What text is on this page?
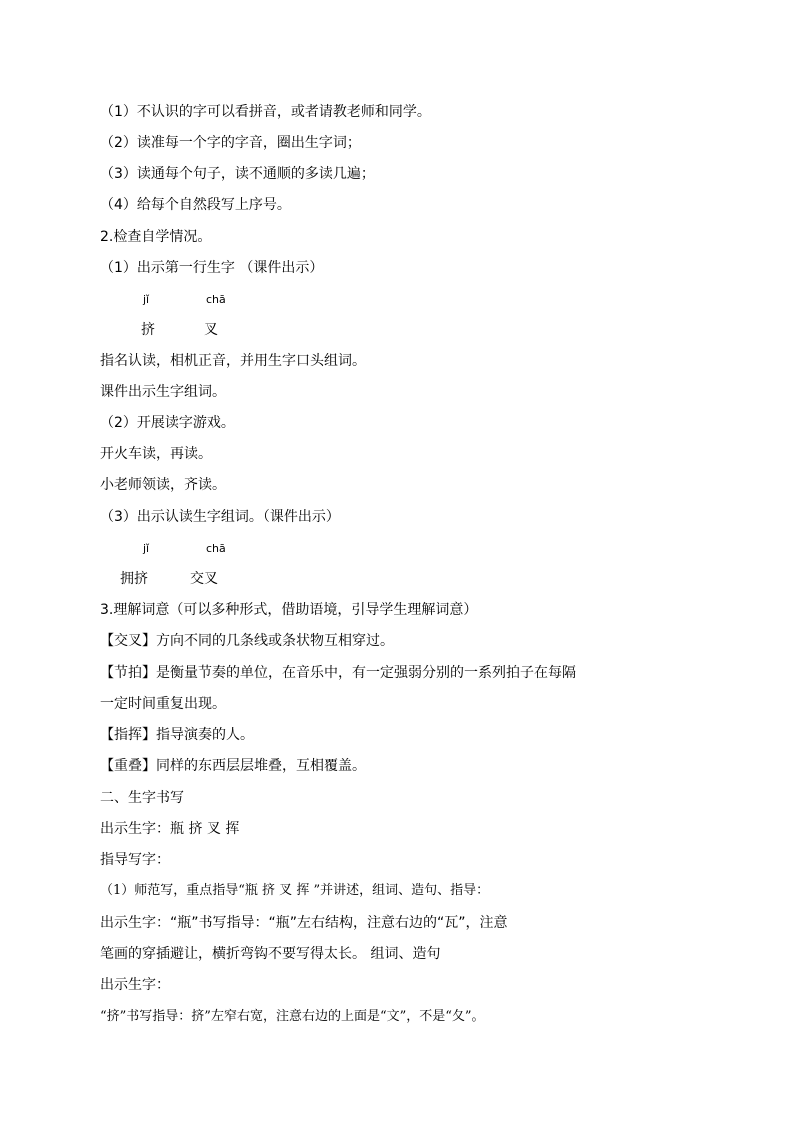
（1）不认识的字可以看拼音，或者请教老师和同学。
（2）读准每一个字的字音，圈出生字词；
（3）读通每个句子，读不通顺的多读几遍；
（4）给每个自然段写上序号。
2.检查自学情况。
（1）出示第一行生字 （课件出示）
jǐ	chā
挤	叉
指名认读，相机正音，并用生字口头组词。
课件出示生字组词。
（2）开展读字游戏。
开火车读，再读。
小老师领读，齐读。
（3）出示认读生字组词。（课件出示）
jǐ	chā
拥挤	交叉
3.理解词意（可以多种形式，借助语境，引导学生理解词意）
【交叉】方向不同的几条线或条状物互相穿过。
【节拍】是衡量节奏的单位，在音乐中，有一定强弱分别的一系列拍子在每隔
一定时间重复出现。
【指挥】指导演奏的人。
【重叠】同样的东西层层堆叠，互相覆盖。
二、生字书写
出示生字：瓶 挤 叉 挥
指导写字：
（1）师范写，重点指导“瓶 挤 叉 挥 ”并讲述，组词、造句、指导：
出示生字：“瓶”书写指导：“瓶”左右结构，注意右边的“瓦”，注意
笔画的穿插避让，横折弯钩不要写得太长。 组词、造句
出示生字：
“挤”书写指导：挤”左窄右宽，注意右边的上面是“文”，不是“夂”。
